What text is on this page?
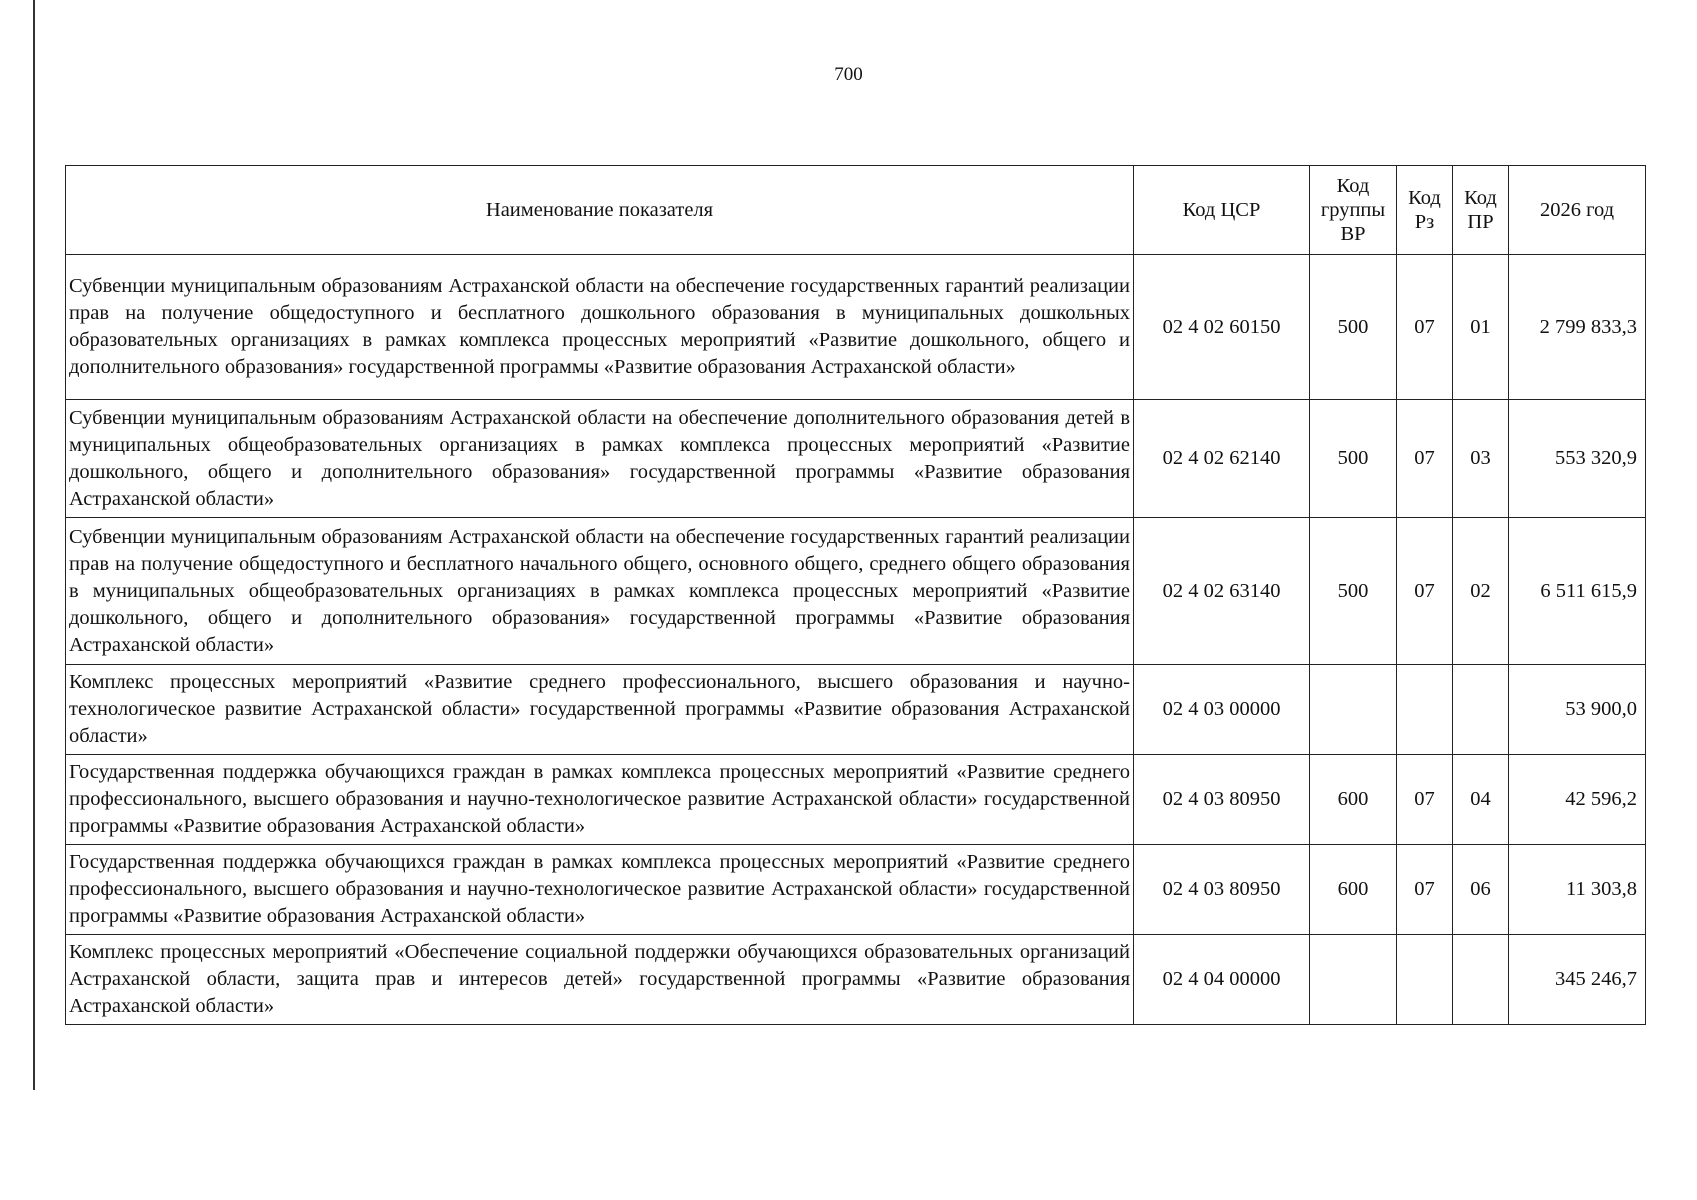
700
Наименование показателя	Код ЦСР	Код группы ВР	Код Рз	Код ПР	2026 год
Субвенции муниципальным образованиям Астраханской области на обеспечение государственных гарантий реализации прав на получение общедоступного и бесплатного дошкольного образования в муниципальных дошкольных образовательных организациях в рамках комплекса процессных мероприятий «Развитие дошкольного, общего и дополнительного образования» государственной программы «Развитие образования Астраханской области»	02 4 02 60150	500	07	01	2 799 833,3
Субвенции муниципальным образованиям Астраханской области на обеспечение дополнительного образования детей в муниципальных общеобразовательных организациях в рамках комплекса процессных мероприятий «Развитие дошкольного, общего и дополнительного образования» государственной программы «Развитие образования Астраханской области»	02 4 02 62140	500	07	03	553 320,9
Субвенции муниципальным образованиям Астраханской области на обеспечение государственных гарантий реализации прав на получение общедоступного и бесплатного начального общего, основного общего, среднего общего образования в муниципальных общеобразовательных организациях в рамках комплекса процессных мероприятий «Развитие дошкольного, общего и дополнительного образования» государственной программы «Развитие образования Астраханской области»	02 4 02 63140	500	07	02	6 511 615,9
Комплекс процессных мероприятий «Развитие среднего профессионального, высшего образования и научно-технологическое развитие Астраханской области» государственной программы «Развитие образования Астраханской области»	02 4 03 00000				53 900,0
Государственная поддержка обучающихся граждан в рамках комплекса процессных мероприятий «Развитие среднего профессионального, высшего образования и научно-технологическое развитие Астраханской области» государственной программы «Развитие образования Астраханской области»	02 4 03 80950	600	07	04	42 596,2
Государственная поддержка обучающихся граждан в рамках комплекса процессных мероприятий «Развитие среднего профессионального, высшего образования и научно-технологическое развитие Астраханской области» государственной программы «Развитие образования Астраханской области»	02 4 03 80950	600	07	06	11 303,8
Комплекс процессных мероприятий «Обеспечение социальной поддержки обучающихся образовательных организаций Астраханской области, защита прав и интересов детей» государственной программы «Развитие образования Астраханской области»	02 4 04 00000				345 246,7
